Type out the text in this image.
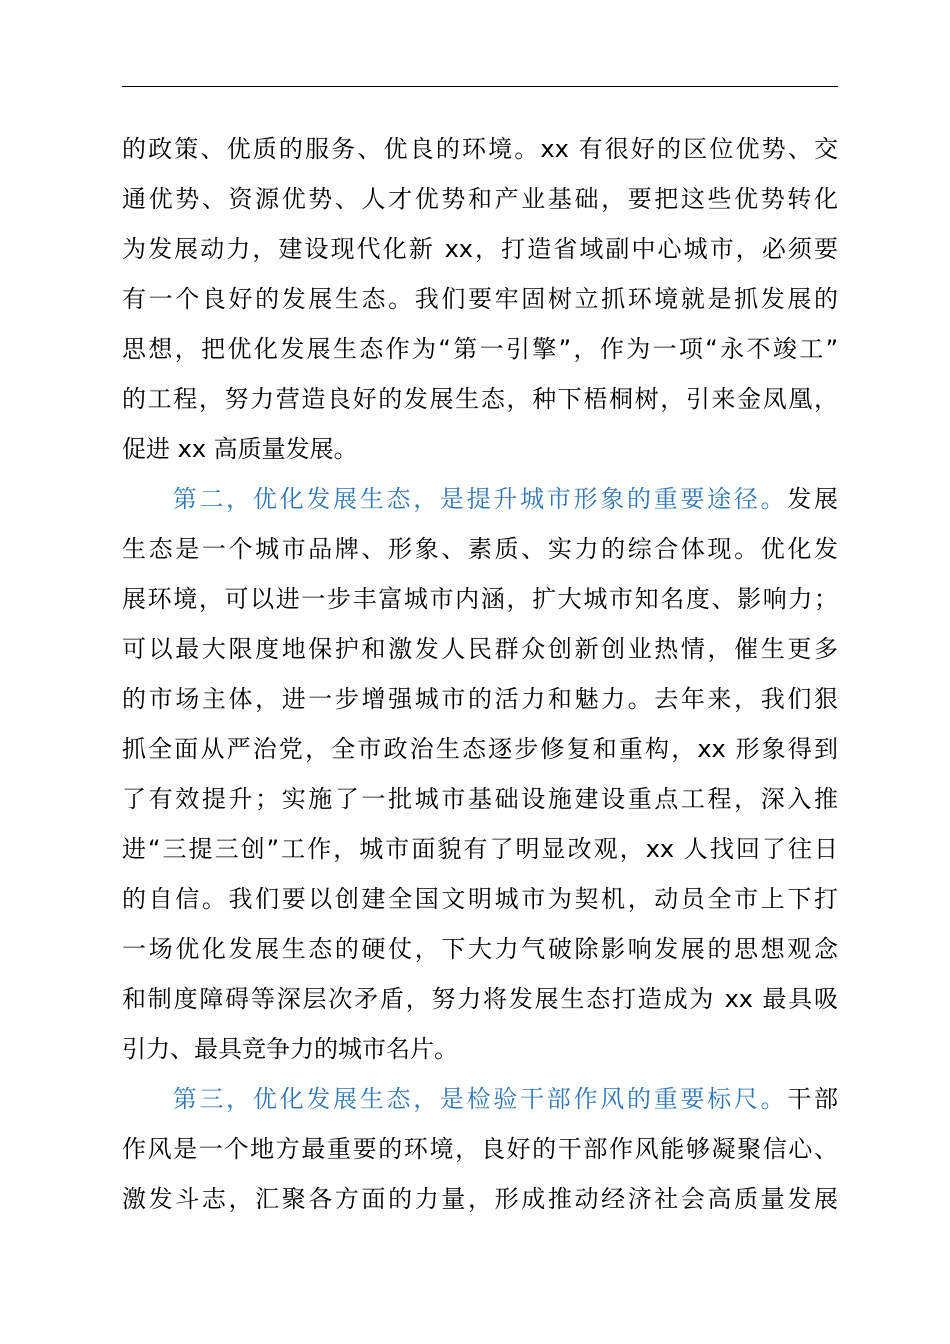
的政策、优质的服务、优良的环境。xx 有很好的区位优势、交
通优势、资源优势、人才优势和产业基础，要把这些优势转化
为发展动力，建设现代化新 xx，打造省域副中心城市，必须要
有一个良好的发展生态。我们要牢固树立抓环境就是抓发展的
思想，把优化发展生态作为“第一引擎”，作为一项“永不竣工”
的工程，努力营造良好的发展生态，种下梧桐树，引来金凤凰，
促进 xx 高质量发展。
第二，优化发展生态，是提升城市形象的重要途径。发展
生态是一个城市品牌、形象、素质、实力的综合体现。优化发
展环境，可以进一步丰富城市内涵，扩大城市知名度、影响力；
可以最大限度地保护和激发人民群众创新创业热情，催生更多
的市场主体，进一步增强城市的活力和魅力。去年来，我们狠
抓全面从严治党，全市政治生态逐步修复和重构，xx 形象得到
了有效提升；实施了一批城市基础设施建设重点工程，深入推
进“三提三创”工作，城市面貌有了明显改观，xx 人找回了往日
的自信。我们要以创建全国文明城市为契机，动员全市上下打
一场优化发展生态的硬仗，下大力气破除影响发展的思想观念
和制度障碍等深层次矛盾，努力将发展生态打造成为 xx 最具吸
引力、最具竞争力的城市名片。
第三，优化发展生态，是检验干部作风的重要标尺。干部
作风是一个地方最重要的环境，良好的干部作风能够凝聚信心、
激发斗志，汇聚各方面的力量，形成推动经济社会高质量发展
